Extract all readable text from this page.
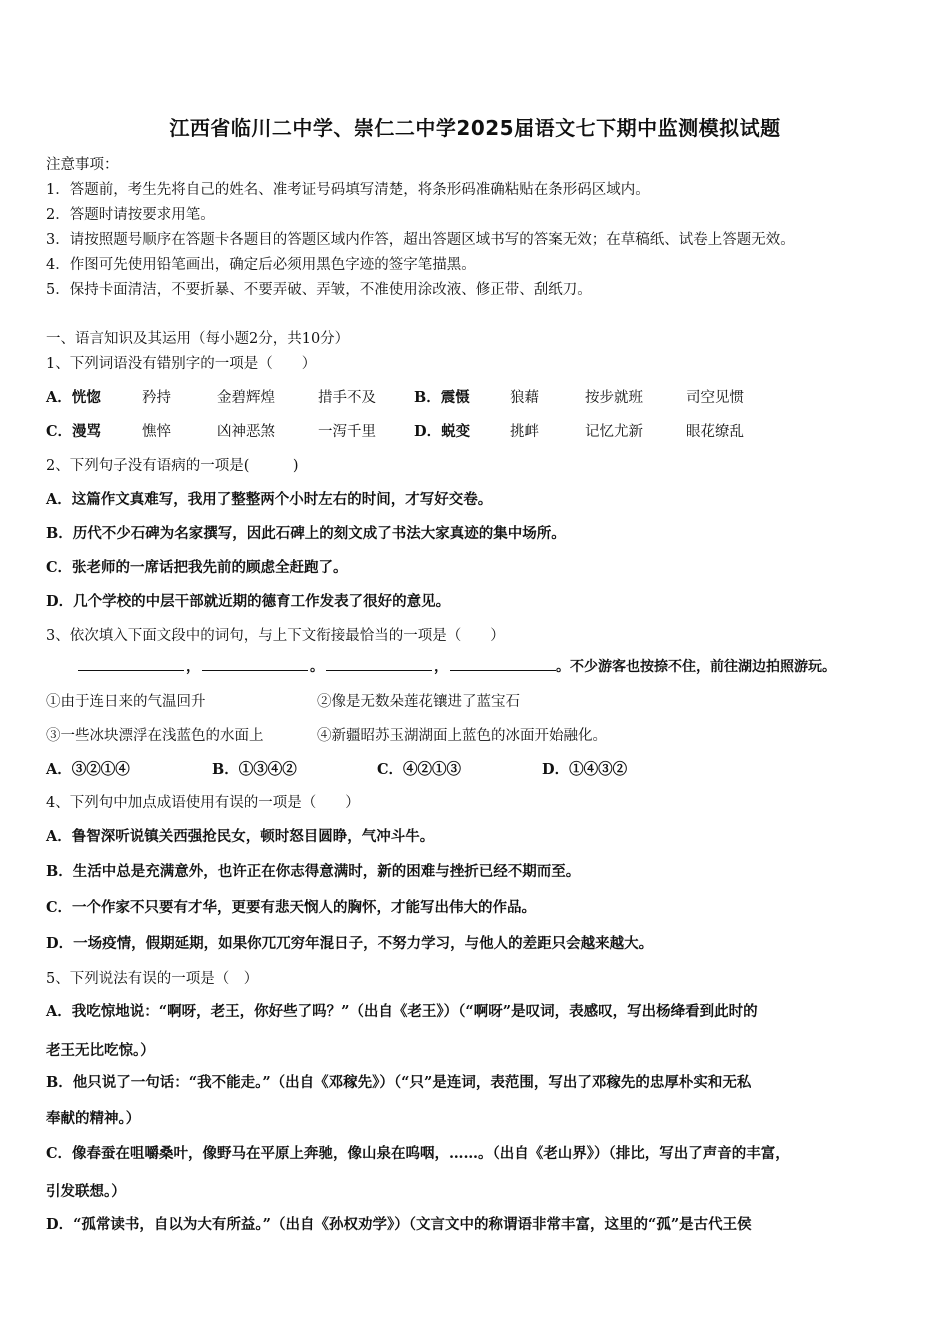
江西省临川二中学、崇仁二中学2025届语文七下期中监测模拟试题
注意事项：
1．答题前，考生先将自己的姓名、准考证号码填写清楚，将条形码准确粘贴在条形码区域内。
2．答题时请按要求用笔。
3．请按照题号顺序在答题卡各题目的答题区域内作答，超出答题区域书写的答案无效；在草稿纸、试卷上答题无效。
4．作图可先使用铅笔画出，确定后必须用黑色字迹的签字笔描黑。
5．保持卡面清洁，不要折暴、不要弄破、弄皱，不准使用涂改液、修正带、刮纸刀。
一、语言知识及其运用（每小题2分，共10分）
1、下列词语没有错别字的一项是（　　）
A．恍惚	矜持	金碧辉煌	措手不及	B．震慑	狼藉	按步就班	司空见惯
C．漫骂	憔悴	凶神恶煞	一泻千里	D．蜕变	挑衅	记忆尤新	眼花缭乱
2、下列句子没有语病的一项是(　　　)
A．这篇作文真难写，我用了整整两个小时左右的时间，才写好交卷。
B．历代不少石碑为名家撰写，因此石碑上的刻文成了书法大家真迹的集中场所。
C．张老师的一席话把我先前的顾虑全赶跑了。
D．几个学校的中层干部就近期的德育工作发表了很好的意见。
3、依次填入下面文段中的词句，与上下文衔接最恰当的一项是（　　）
，	。	，	。不少游客也按捺不住，前往湖边拍照游玩。
①由于连日来的气温回升	②像是无数朵莲花镶进了蓝宝石
③一些冰块漂浮在浅蓝色的水面上	④新疆昭苏玉湖湖面上蓝色的冰面开始融化。
A．③②①④	B．①③④②	C．④②①③	D．①④③②
4、下列句中加点成语使用有误的一项是（　　）
A．鲁智深听说镇关西强抢民女，顿时怒目圆睁，气冲斗牛。
B．生活中总是充满意外，也许正在你志得意满时，新的困难与挫折已经不期而至。
C．一个作家不只要有才华，更要有悲天悯人的胸怀，才能写出伟大的作品。
D．一场疫情，假期延期，如果你兀兀穷年混日子，不努力学习，与他人的差距只会越来越大。
5、下列说法有误的一项是（　）
A．我吃惊地说：“啊呀，老王，你好些了吗？”（出自《老王》）（“啊呀”是叹词，表感叹，写出杨绛看到此时的
老王无比吃惊。）
B．他只说了一句话：“我不能走。”（出自《邓稼先》）（“只”是连词，表范围，写出了邓稼先的忠厚朴实和无私
奉献的精神。）
C．像春蚕在咀嚼桑叶，像野马在平原上奔驰，像山泉在呜咽，……。（出自《老山界》）（排比，写出了声音的丰富，
引发联想。）
D．“孤常读书，自以为大有所益。”（出自《孙权劝学》）（文言文中的称谓语非常丰富，这里的“孤”是古代王侯
